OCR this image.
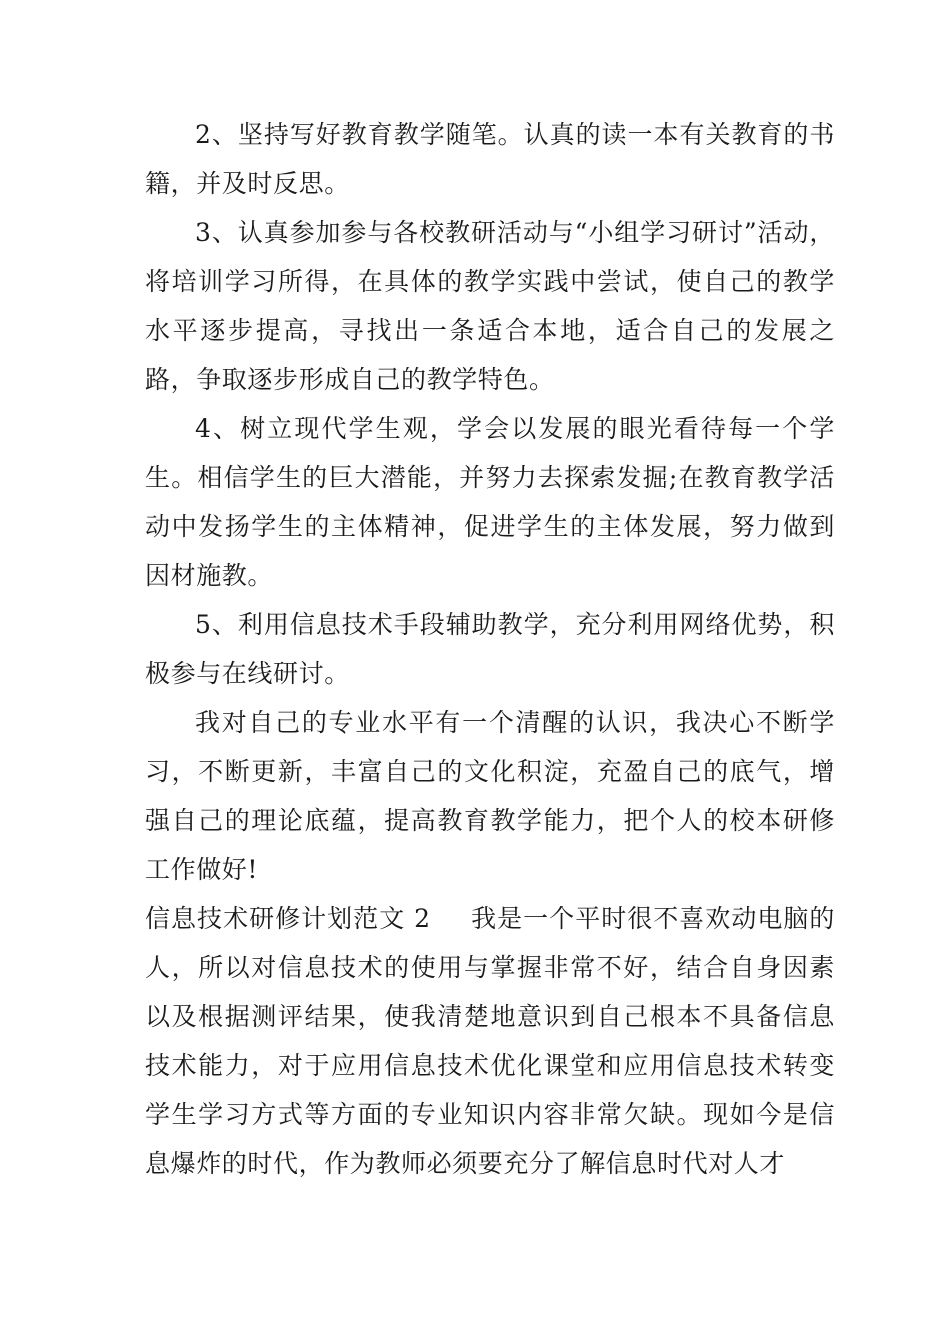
2、坚持写好教育教学随笔。认真的读一本有关教育的书籍，并及时反思。

3、认真参加参与各校教研活动与“小组学习研讨”活动，将培训学习所得，在具体的教学实践中尝试，使自己的教学水平逐步提高，寻找出一条适合本地，适合自己的发展之路，争取逐步形成自己的教学特色。

4、树立现代学生观，学会以发展的眼光看待每一个学生。相信学生的巨大潜能，并努力去探索发掘;在教育教学活动中发扬学生的主体精神，促进学生的主体发展，努力做到因材施教。

5、利用信息技术手段辅助教学，充分利用网络优势，积极参与在线研讨。

我对自己的专业水平有一个清醒的认识，我决心不断学习，不断更新，丰富自己的文化积淀，充盈自己的底气，增强自己的理论底蕴，提高教育教学能力，把个人的校本研修工作做好!

信息技术研修计划范文 2 我是一个平时很不喜欢动电脑的人，所以对信息技术的使用与掌握非常不好，结合自身因素以及根据测评结果，使我清楚地意识到自己根本不具备信息技术能力，对于应用信息技术优化课堂和应用信息技术转变学生学习方式等方面的专业知识内容非常欠缺。现如今是信息爆炸的时代，作为教师必须要充分了解信息时代对人才
